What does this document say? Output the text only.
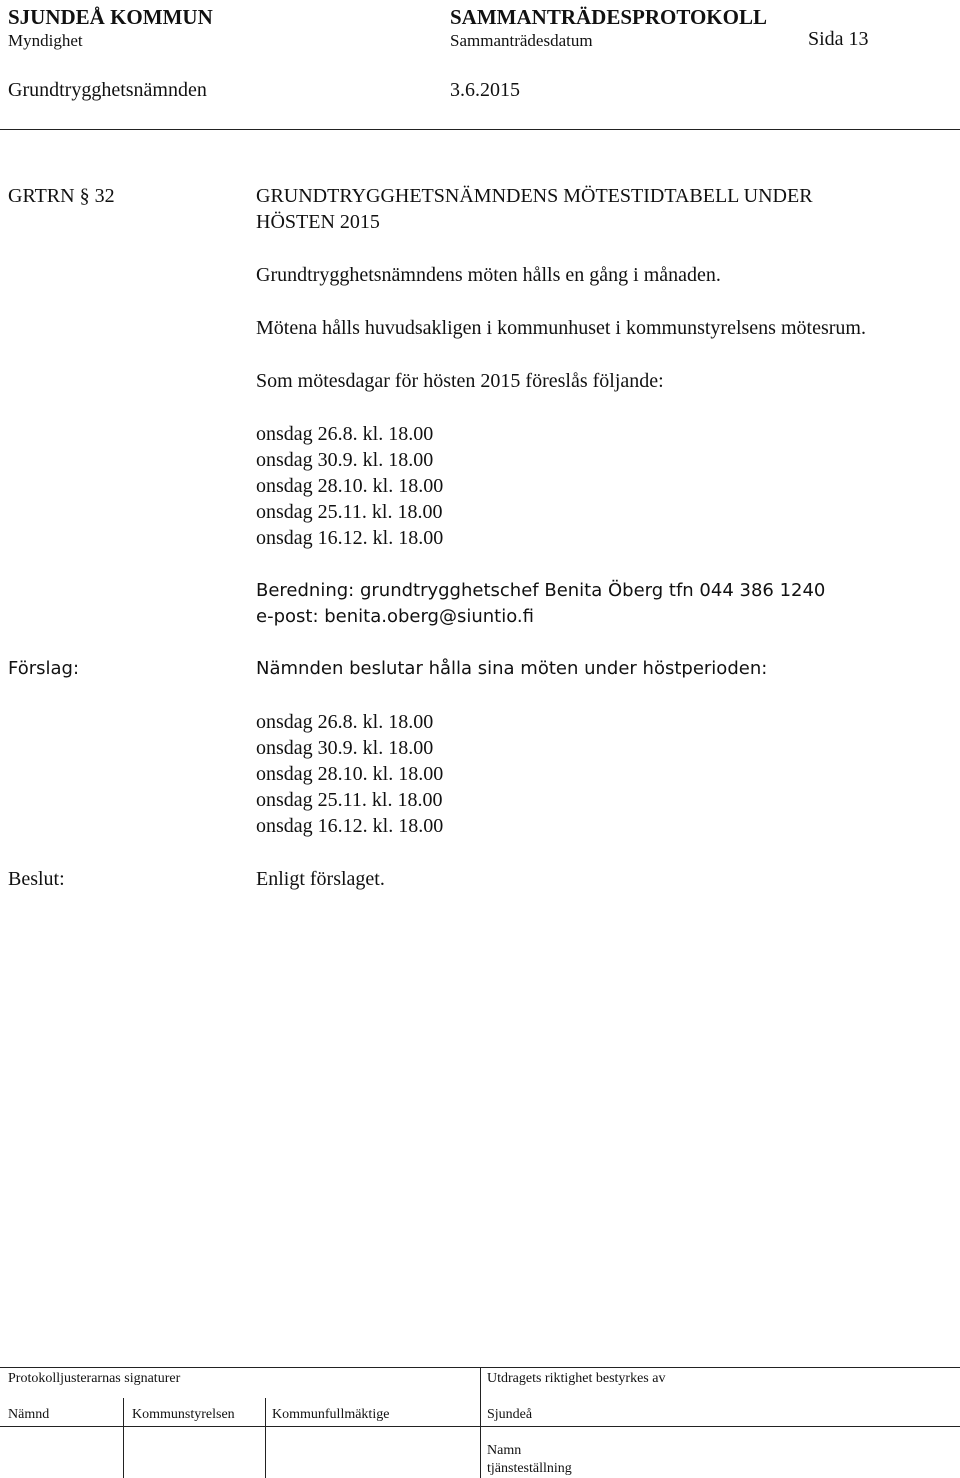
SJUNDEÅ KOMMUN	SAMMANTRÄDESPROTOKOLL
Myndighet	Sammanträdesdatum	Sida 13
Grundtrygghetsnämnden	3.6.2015
GRTRN § 32	GRUNDTRYGGHETSNÄMNDENS MÖTESTIDTABELL UNDER
HÖSTEN 2015
Grundtrygghetsnämndens möten hålls en gång i månaden.
Mötena hålls huvudsakligen i kommunhuset i kommunstyrelsens mötesrum.
Som mötesdagar för hösten 2015 föreslås följande:
onsdag 26.8. kl. 18.00
onsdag 30.9. kl. 18.00
onsdag 28.10. kl. 18.00
onsdag 25.11. kl. 18.00
onsdag 16.12. kl. 18.00
Beredning: grundtrygghetschef Benita Öberg tfn 044 386 1240
e-post: benita.oberg@siuntio.fi
Förslag:	Nämnden beslutar hålla sina möten under höstperioden:
onsdag 26.8. kl. 18.00
onsdag 30.9. kl. 18.00
onsdag 28.10. kl. 18.00
onsdag 25.11. kl. 18.00
onsdag 16.12. kl. 18.00
Beslut:	Enligt förslaget.
Protokolljusterarnas signaturer	Utdragets riktighet bestyrkes av
Nämnd	Kommunstyrelsen	Kommunfullmäktige	Sjundeå
Namn
tjänsteställning
